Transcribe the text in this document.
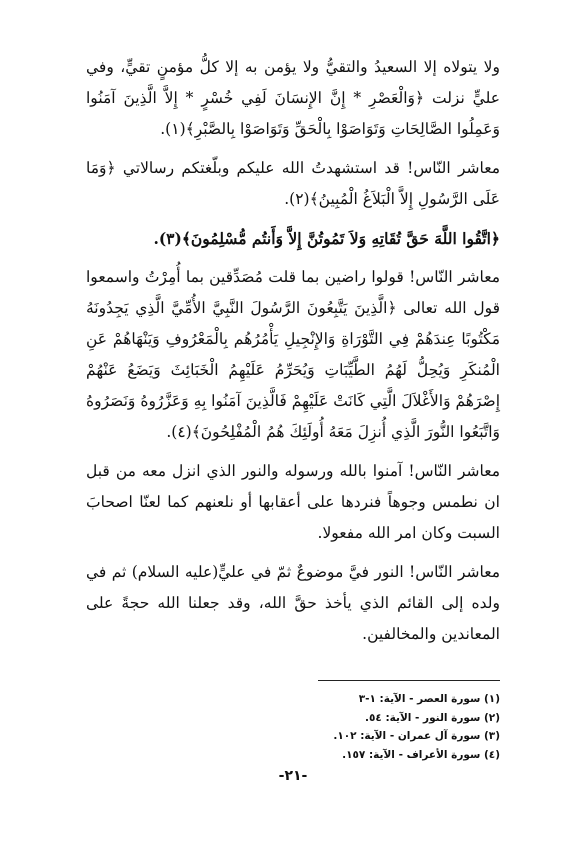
ولا يتولاه إلا السعيدُ والتقيُّ ولا يؤمن به إلا كلُّ مؤمنٍ تقيٍّ، وفي عليٍّ نزلت ﴿وَالْعَصْرِ * إِنَّ الإِنسَانَ لَفِي خُسْرٍ * إِلاَّ الَّذِينَ آمَنُوا وَعَمِلُوا الصَّالِحَاتِ وَتَوَاصَوْا بِالْحَقِّ وَتَوَاصَوْا بِالصَّبْرِ﴾(١).

معاشر النّاس! قد استشهدتُ الله عليكم وبلّغتكم رسالاتي ﴿وَمَا عَلَى الرَّسُولِ إِلاَّ الْبَلاَغُ الْمُبِينُ﴾(٢).

﴿اتَّقُوا اللَّهَ حَقَّ تُقَاتِهِ وَلاَ تَمُوتُنَّ إِلاَّ وَأَنتُم مُّسْلِمُونَ﴾(٣).

معاشر النّاس! قولوا راضين بما قلت مُصَدِّقين بما أُمِرْتُ واسمعوا قول الله تعالى ﴿الَّذِينَ يَتَّبِعُونَ الرَّسُولَ النَّبِيَّ الأُمِّيَّ الَّذِي يَجِدُونَهُ مَكْتُوبًا عِندَهُمْ فِي التَّوْرَاةِ وَالإِنْجِيلِ يَأْمُرُهُم بِالْمَعْرُوفِ وَيَنْهَاهُمْ عَنِ الْمُنكَرِ وَيُحِلُّ لَهُمُ الطَّيِّبَاتِ وَيُحَرِّمُ عَلَيْهِمُ الْخَبَائِثَ وَيَضَعُ عَنْهُمْ إِصْرَهُمْ وَالأَغْلاَلَ الَّتِي كَانَتْ عَلَيْهِمْ فَالَّذِينَ آمَنُوا بِهِ وَعَزَّرُوهُ وَنَصَرُوهُ وَاتَّبَعُوا النُّورَ الَّذِي أُنزِلَ مَعَهُ أُولَئِكَ هُمُ الْمُفْلِحُونَ﴾(٤).

معاشر النّاس! آمنوا بالله ورسوله والنور الذي انزل معه من قبل ان نطمس وجوهاً فنردها على أعقابها أو نلعنهم كما لعنّا اصحابَ السبت وكان امر الله مفعولا.

معاشر النّاس! النور فيَّ موضوعٌ ثمّ في عليٍّ(عليه السلام) ثم في ولده إلى القائم الذي يأخذ حقَّ الله، وقد جعلنا الله حجةً على المعاندين والمخالفين.

(١) سورة العصر - الآية: ١-٣
(٢) سورة النور - الآية: ٥٤.
(٣) سورة آل عمران - الآية: ١٠٢.
(٤) سورة الأعراف - الآية: ١٥٧.
-٢١-
